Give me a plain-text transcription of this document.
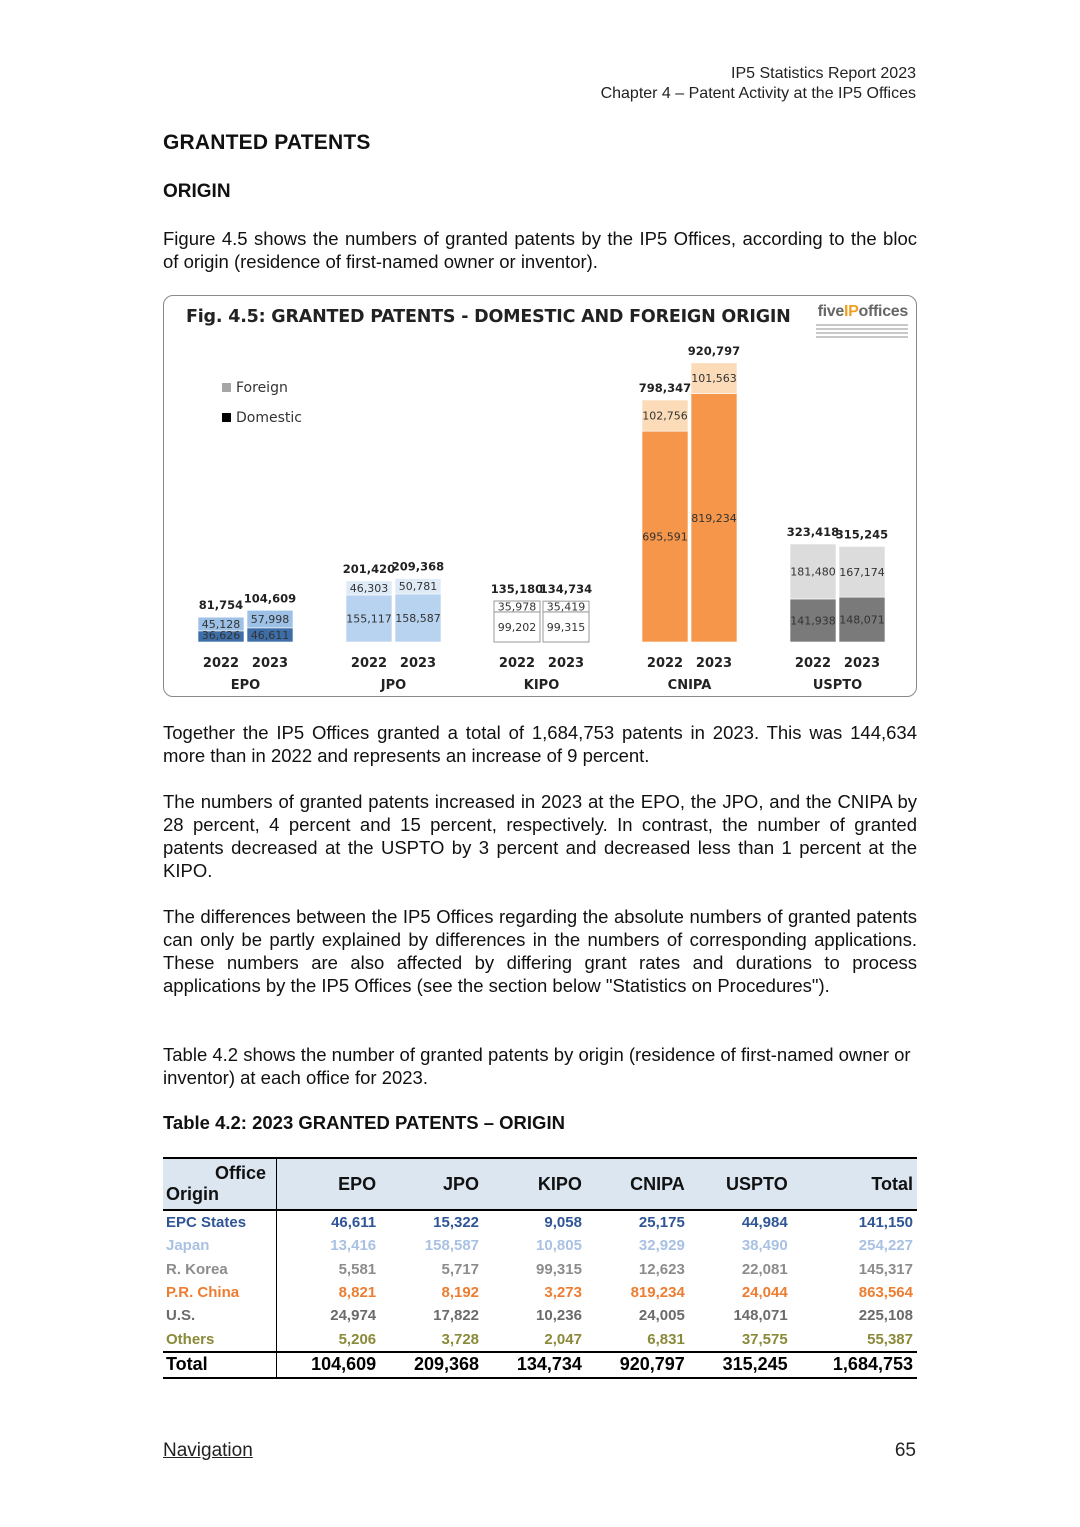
IP5 Statistics Report 2023
Chapter 4 – Patent Activity at the IP5 Offices
GRANTED PATENTS
ORIGIN
Figure 4.5 shows the numbers of granted patents by the IP5 Offices, according to the bloc of origin (residence of first-named owner or inventor).
36,626
45,128
81,754
2022
46,611
57,998
104,609
2023
EPO
155,117
46,303
201,420
2022
158,587
50,781
209,368
2023
JPO
99,202
35,978
135,180
2022
99,315
35,419
134,734
2023
KIPO
695,591
102,756
798,347
2022
819,234
101,563
920,797
2023
CNIPA
141,938
181,480
323,418
2022
148,071
167,174
315,245
2023
USPTO
Fig. 4.5: GRANTED PATENTS - DOMESTIC AND FOREIGN ORIGIN fiveIPoffices
Foreign
Domestic
Together the IP5 Offices granted a total of 1,684,753 patents in 2023. This was 144,634 more than in 2022 and represents an increase of 9 percent.
The numbers of granted patents increased in 2023 at the EPO, the JPO, and the CNIPA by 28 percent, 4 percent and 15 percent, respectively. In contrast, the number of granted patents decreased at the USPTO by 3 percent and decreased less than 1 percent at the KIPO.
The differences between the IP5 Offices regarding the absolute numbers of granted patents can only be partly explained by differences in the numbers of corresponding applications. These numbers are also affected by differing grant rates and durations to process applications by the IP5 Offices (see the section below "Statistics on Procedures").
Table 4.2 shows the number of granted patents by origin (residence of first-named owner or inventor) at each office for 2023.
Table 4.2: 2023 GRANTED PATENTS – ORIGIN
Office
Origin	EPO	JPO	KIPO	CNIPA	USPTO	Total
EPC States	46,611	15,322	9,058	25,175	44,984	141,150
Japan	13,416	158,587	10,805	32,929	38,490	254,227
R. Korea	5,581	5,717	99,315	12,623	22,081	145,317
P.R. China	8,821	8,192	3,273	819,234	24,044	863,564
U.S.	24,974	17,822	10,236	24,005	148,071	225,108
Others	5,206	3,728	2,047	6,831	37,575	55,387
Total	104,609	209,368	134,734	920,797	315,245	1,684,753
Navigation	65
